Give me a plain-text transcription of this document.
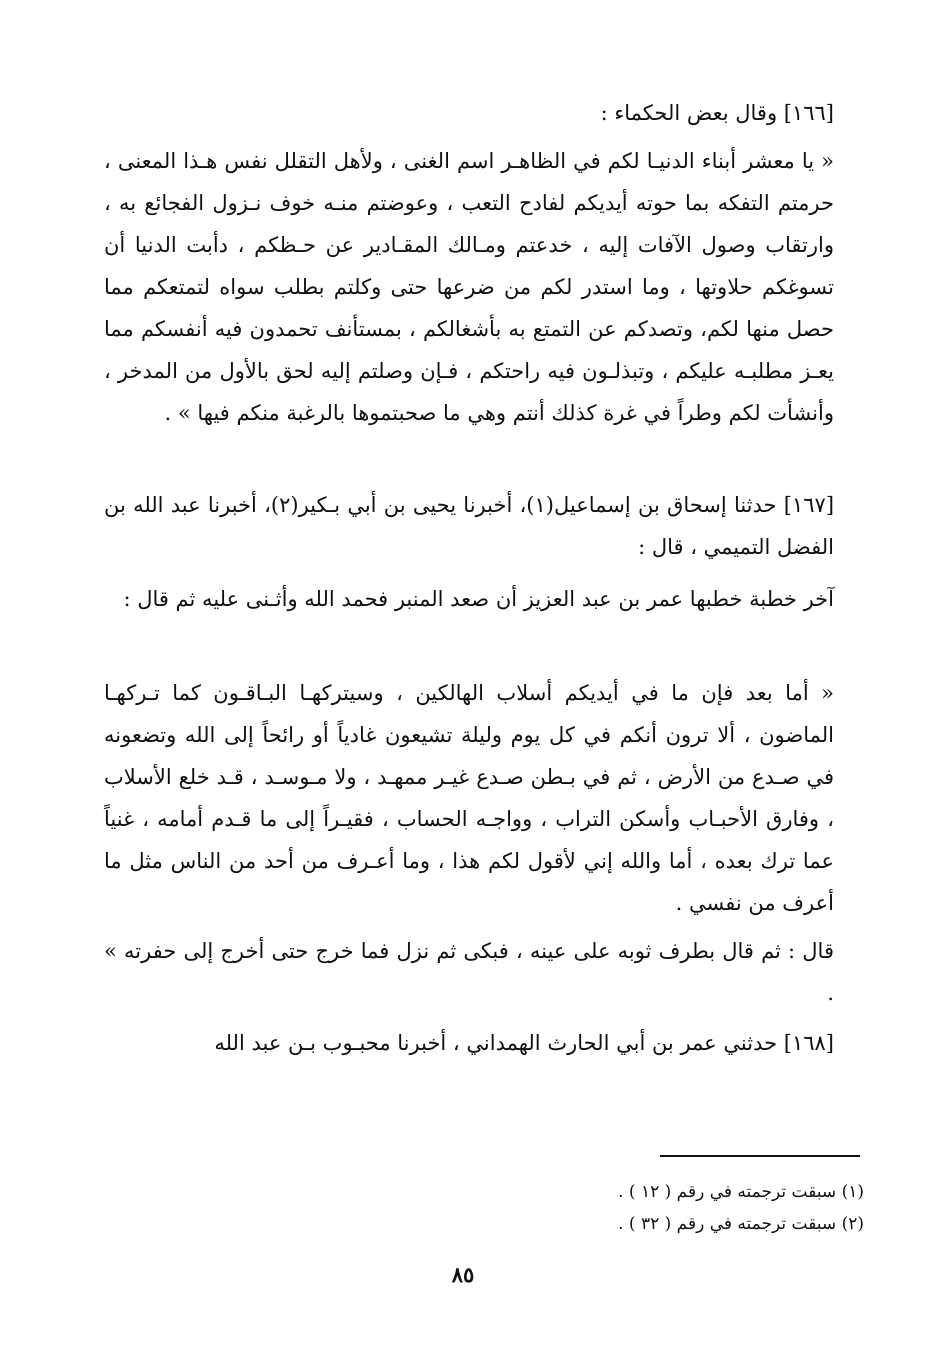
[١٦٦] وقال بعض الحكماء :

« يا معشر أبناء الدنيـا لكم في الظاهـر اسم الغنى ، ولأهل التقلل نفس هـذا المعنى ، حرمتم التفكه بما حوته أيديكم لفادح التعب ، وعوضتم منـه خوف نـزول الفجائع به ، وارتقاب وصول الآفات إليه ، خدعتم ومـالك المقـادير عن حـظكم ، دأبت الدنيا أن تسوغكم حلاوتها ، وما استدر لكم من ضرعها حتى وكلتم بطلب سواه لتمتعكم مما حصل منها لكم، وتصدكم عن التمتع به بأشغالكم ، بمستأنف تحمدون فيه أنفسكم مما يعـز مطلبـه عليكم ، وتبذلـون فيه راحتكم ، فـإن وصلتم إليه لحق بالأول من المدخر ، وأنشأت لكم وطراً في غرة كذلك أنتم وهي ما صحبتموها بالرغبة منكم فيها » .

[١٦٧] حدثنا إسحاق بن إسماعيل(١)، أخبرنا يحيى بن أبي بـكير(٢)، أخبرنا عبد الله بن الفضل التميمي ، قال :

آخر خطبة خطبها عمر بن عبد العزيز أن صعد المنبر فحمد الله وأثـنى عليه ثم قال :

« أما بعد فإن ما في أيديكم أسلاب الهالكين ، وسيتركهـا البـاقـون كما تـركهـا الماضون ، ألا ترون أنكم في كل يوم وليلة تشيعون غادياً أو رائحاً إلى الله وتضعونه في صـدع من الأرض ، ثم في بـطن صـدع غيـر ممهـد ، ولا مـوسـد ، قـد خلع الأسلاب ، وفارق الأحبـاب وأسكن التراب ، وواجـه الحساب ، فقيـراً إلى ما قـدم أمامه ، غنياً عما ترك بعده ، أما والله إني لأقول لكم هذا ، وما أعـرف من أحد من الناس مثل ما أعرف من نفسي .

قال : ثم قال بطرف ثوبه على عينه ، فبكى ثم نزل فما خرج حتى أخرج إلى حفرته » .

[١٦٨] حدثني عمر بن أبي الحارث الهمداني ، أخبرنا محبـوب بـن عبد الله

(١) سبقت ترجمته في رقم ( ١٢ ) .
(٢) سبقت ترجمته في رقم ( ٣٢ ) .
٨٥
